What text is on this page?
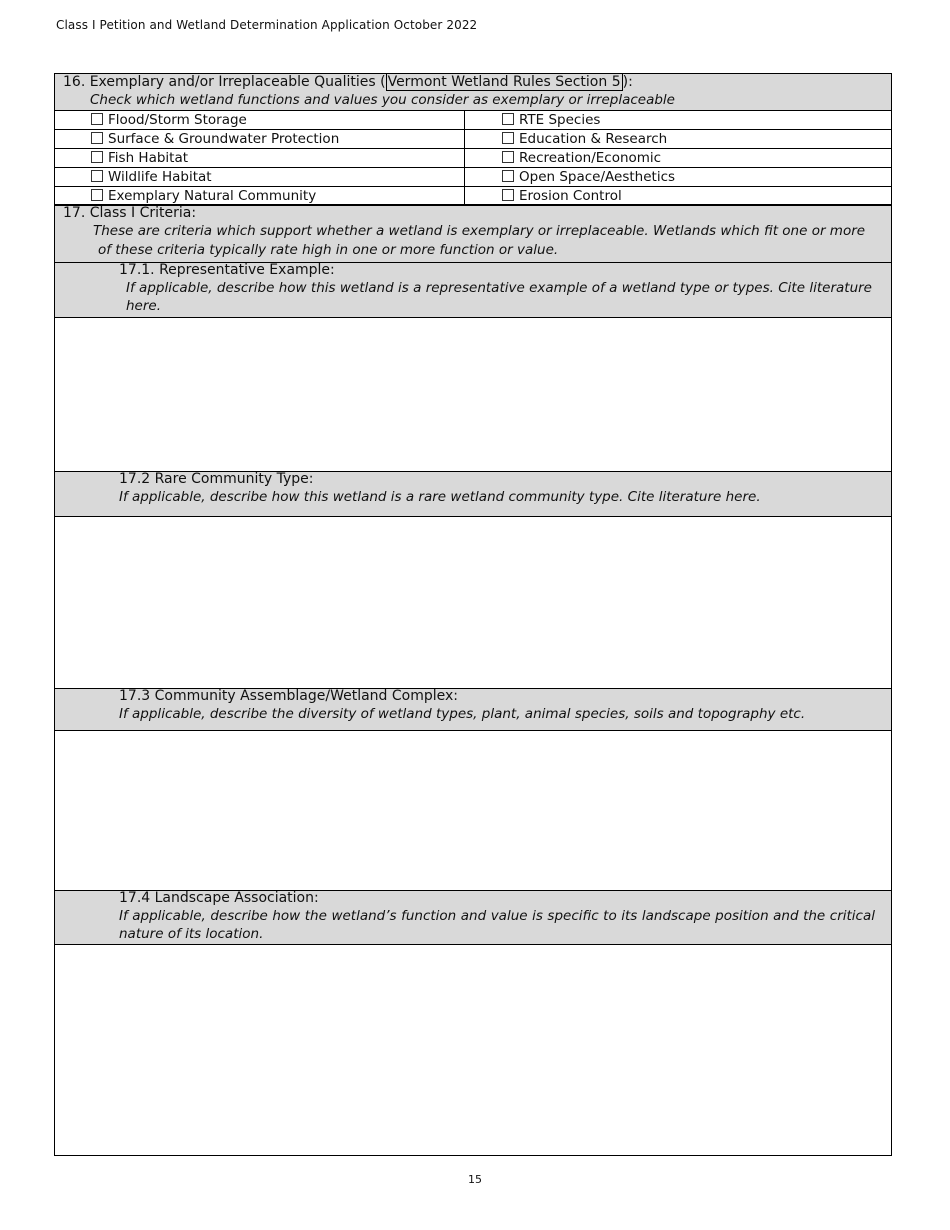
Class I Petition and Wetland Determination Application October 2022
16. Exemplary and/or Irreplaceable Qualities ( Vermont Wetland Rules Section 5 ):
Check which wetland functions and values you consider as exemplary or irreplaceable
Flood/Storm Storage	RTE Species
Surface & Groundwater Protection	Education & Research
Fish Habitat	Recreation/Economic
Wildlife Habitat	Open Space/Aesthetics
Exemplary Natural Community	Erosion Control
17. Class I Criteria:
These are criteria which support whether a wetland is exemplary or irreplaceable. Wetlands which fit one or more
of these criteria typically rate high in one or more function or value.
17.1. Representative Example:
If applicable, describe how this wetland is a representative example of a wetland type or types. Cite literature here.
17.2 Rare Community Type:
If applicable, describe how this wetland is a rare wetland community type. Cite literature here.
17.3 Community Assemblage/Wetland Complex:
If applicable, describe the diversity of wetland types, plant, animal species, soils and topography etc.
17.4 Landscape Association:
If applicable, describe how the wetland’s function and value is specific to its landscape position and the critical nature of its location.
15
